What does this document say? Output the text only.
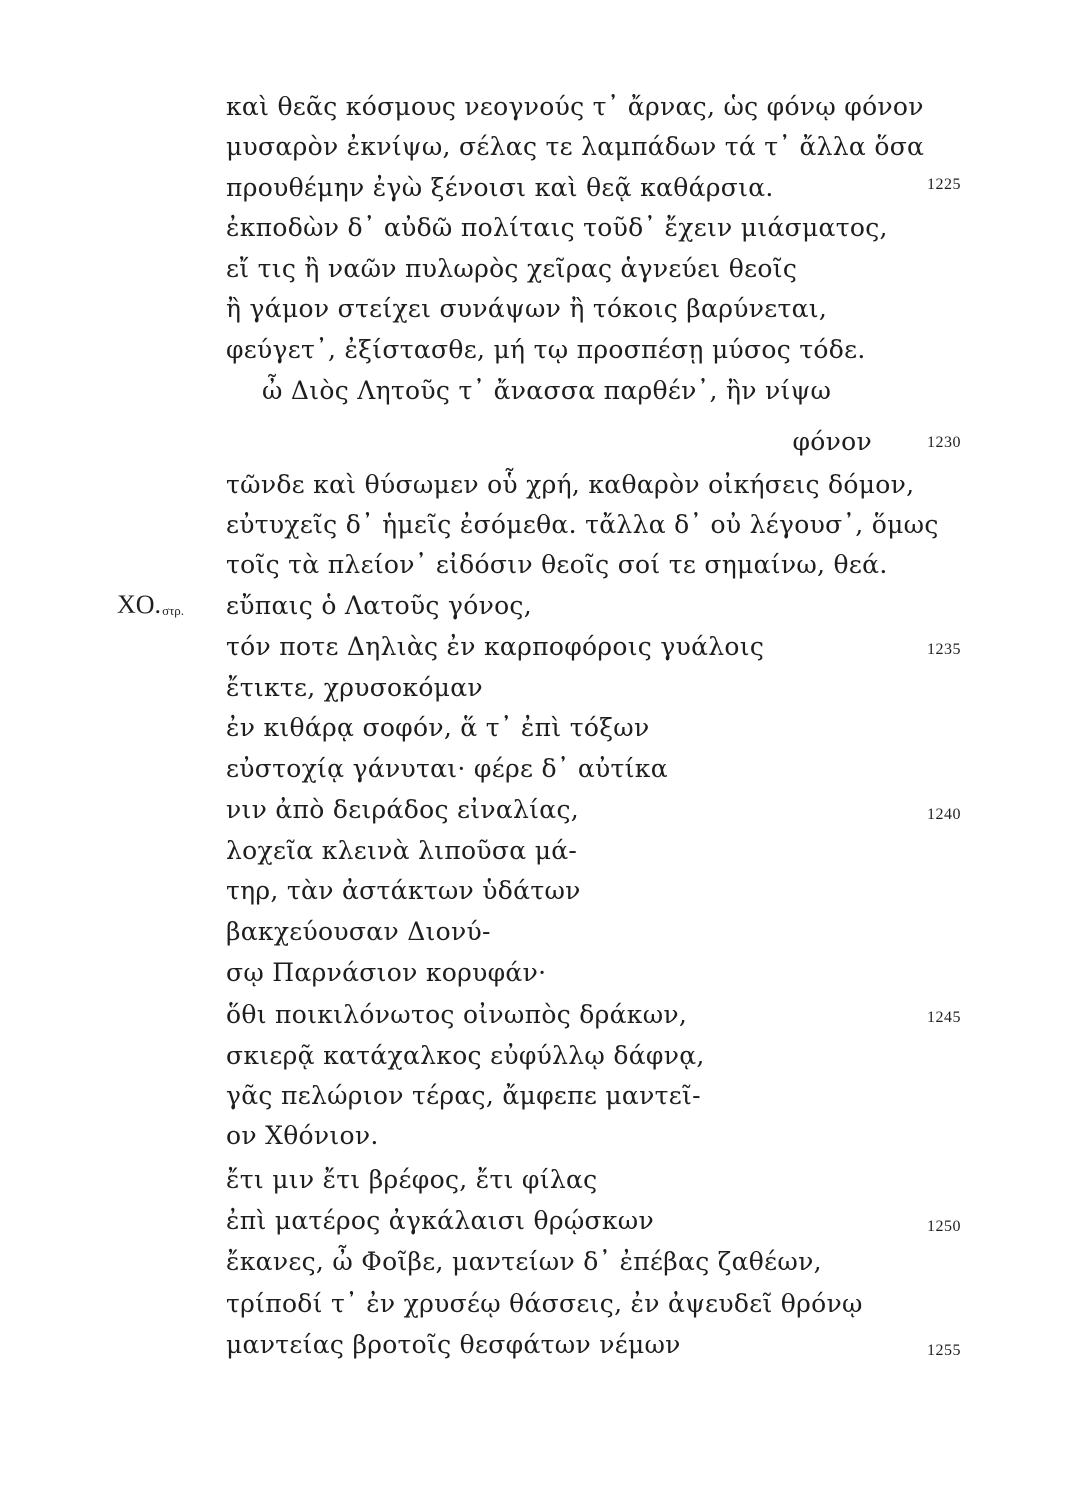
καὶ θεᾶς κόσμους νεογνούς τ᾽ ἄρνας, ὡς φόνῳ φόνον
μυσαρὸν ἐκνίψω, σέλας τε λαμπάδων τά τ᾽ ἄλλα ὅσα
προυθέμην ἐγὼ ξένοισι καὶ θεᾷ καθάρσια.	1225
ἐκποδὼν δ᾽ αὐδῶ πολίταις τοῦδ᾽ ἔχειν μιάσματος,
εἴ τις ἢ ναῶν πυλωρὸς χεῖρας ἁγνεύει θεοῖς
ἢ γάμον στείχει συνάψων ἢ τόκοις βαρύνεται,
φεύγετ᾽, ἐξίστασθε, μή τῳ προσπέσῃ μύσος τόδε.
ὦ Διὸς Λητοῦς τ᾽ ἄνασσα παρθέν᾽, ἢν νίψω
φόνον	1230
τῶνδε καὶ θύσωμεν οὗ χρή, καθαρὸν οἰκήσεις δόμον,
εὐτυχεῖς δ᾽ ἡμεῖς ἐσόμεθα. τἄλλα δ᾽ οὐ λέγουσ᾽, ὅμως
τοῖς τὰ πλείον᾽ εἰδόσιν θεοῖς σοί τε σημαίνω, θεά.
ΧΟ.στρ. εὔπαις ὁ Λατοῦς γόνος,
τόν ποτε Δηλιὰς ἐν καρποφόροις γυάλοις	1235
ἔτικτε, χρυσοκόμαν
ἐν κιθάρᾳ σοφόν, ἅ τ᾽ ἐπὶ τόξων
εὐστοχίᾳ γάνυται· φέρε δ᾽ αὐτίκα
νιν ἀπὸ δειράδος εἰναλίας,	1240
λοχεῖα κλεινὰ λιποῦσα μά-
τηρ, τὰν ἀστάκτων ὑδάτων
βακχεύουσαν Διονύ-
σῳ Παρνάσιον κορυφάν·
ὅθι ποικιλόνωτος οἰνωπὸς δράκων,	1245
σκιερᾷ κατάχαλκος εὐφύλλῳ δάφνᾳ,
γᾶς πελώριον τέρας, ἄμφεπε μαντεῖ-
ον Χθόνιον.
ἔτι μιν ἔτι βρέφος, ἔτι φίλας
ἐπὶ ματέρος ἀγκάλαισι θρῴσκων	1250
ἔκανες, ὦ Φοῖβε, μαντείων δ᾽ ἐπέβας ζαθέων,
τρίποδί τ᾽ ἐν χρυσέῳ θάσσεις, ἐν ἀψευδεῖ θρόνῳ
μαντείας βροτοῖς θεσφάτων νέμων	1255
